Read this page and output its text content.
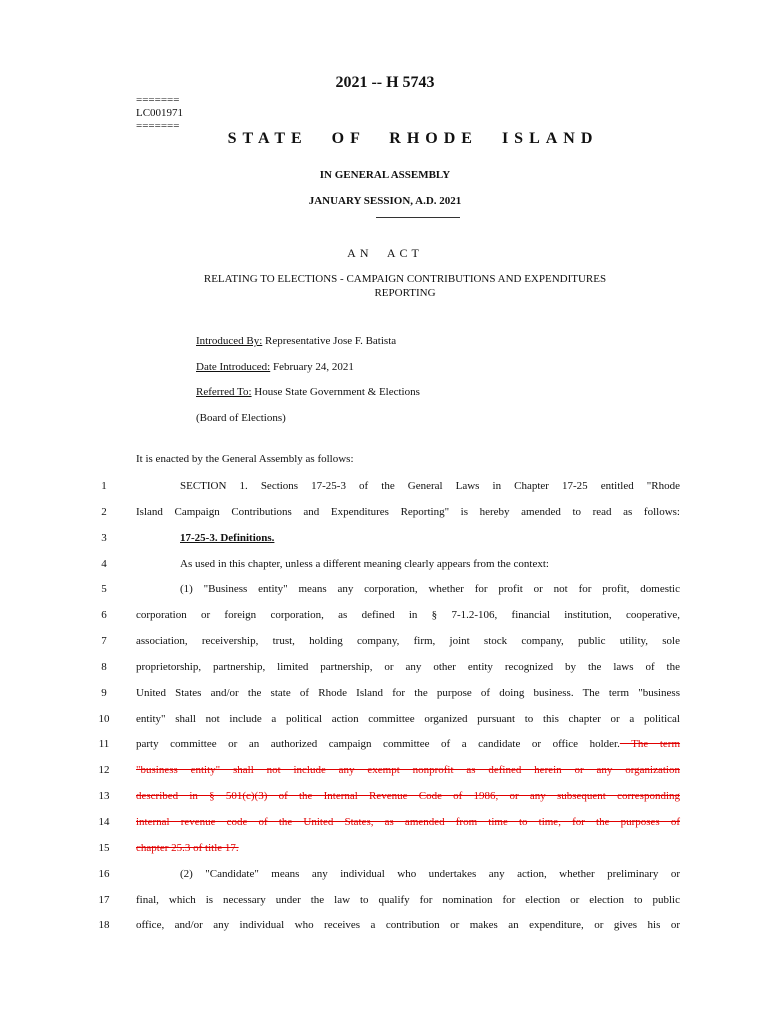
2021 -- H 5743
=======
LC001971
=======
STATE OF RHODE ISLAND
IN GENERAL ASSEMBLY
JANUARY SESSION, A.D. 2021
AN ACT
RELATING TO ELECTIONS - CAMPAIGN CONTRIBUTIONS AND EXPENDITURES
REPORTING
Introduced By: Representative Jose F. Batista
Date Introduced: February 24, 2021
Referred To: House State Government & Elections
(Board of Elections)
It is enacted by the General Assembly as follows:
1	SECTION 1. Sections 17-25-3 of the General Laws in Chapter 17-25 entitled "Rhode
2	Island Campaign Contributions and Expenditures Reporting" is hereby amended to read as follows:
3	17-25-3. Definitions.
4	As used in this chapter, unless a different meaning clearly appears from the context:
5	(1) "Business entity" means any corporation, whether for profit or not for profit, domestic
6	corporation or foreign corporation, as defined in § 7-1.2-106, financial institution, cooperative,
7	association, receivership, trust, holding company, firm, joint stock company, public utility, sole
8	proprietorship, partnership, limited partnership, or any other entity recognized by the laws of the
9	United States and/or the state of Rhode Island for the purpose of doing business. The term "business
10	entity" shall not include a political action committee organized pursuant to this chapter or a political
11	party committee or an authorized campaign committee of a candidate or office holder. The term
12	"business entity" shall not include any exempt nonprofit as defined herein or any organization
13	described in § 501(c)(3) of the Internal Revenue Code of 1986, or any subsequent corresponding
14	internal revenue code of the United States, as amended from time to time, for the purposes of
15	chapter 25.3 of title 17.
16	(2) "Candidate" means any individual who undertakes any action, whether preliminary or
17	final, which is necessary under the law to qualify for nomination for election or election to public
18	office, and/or any individual who receives a contribution or makes an expenditure, or gives his or
